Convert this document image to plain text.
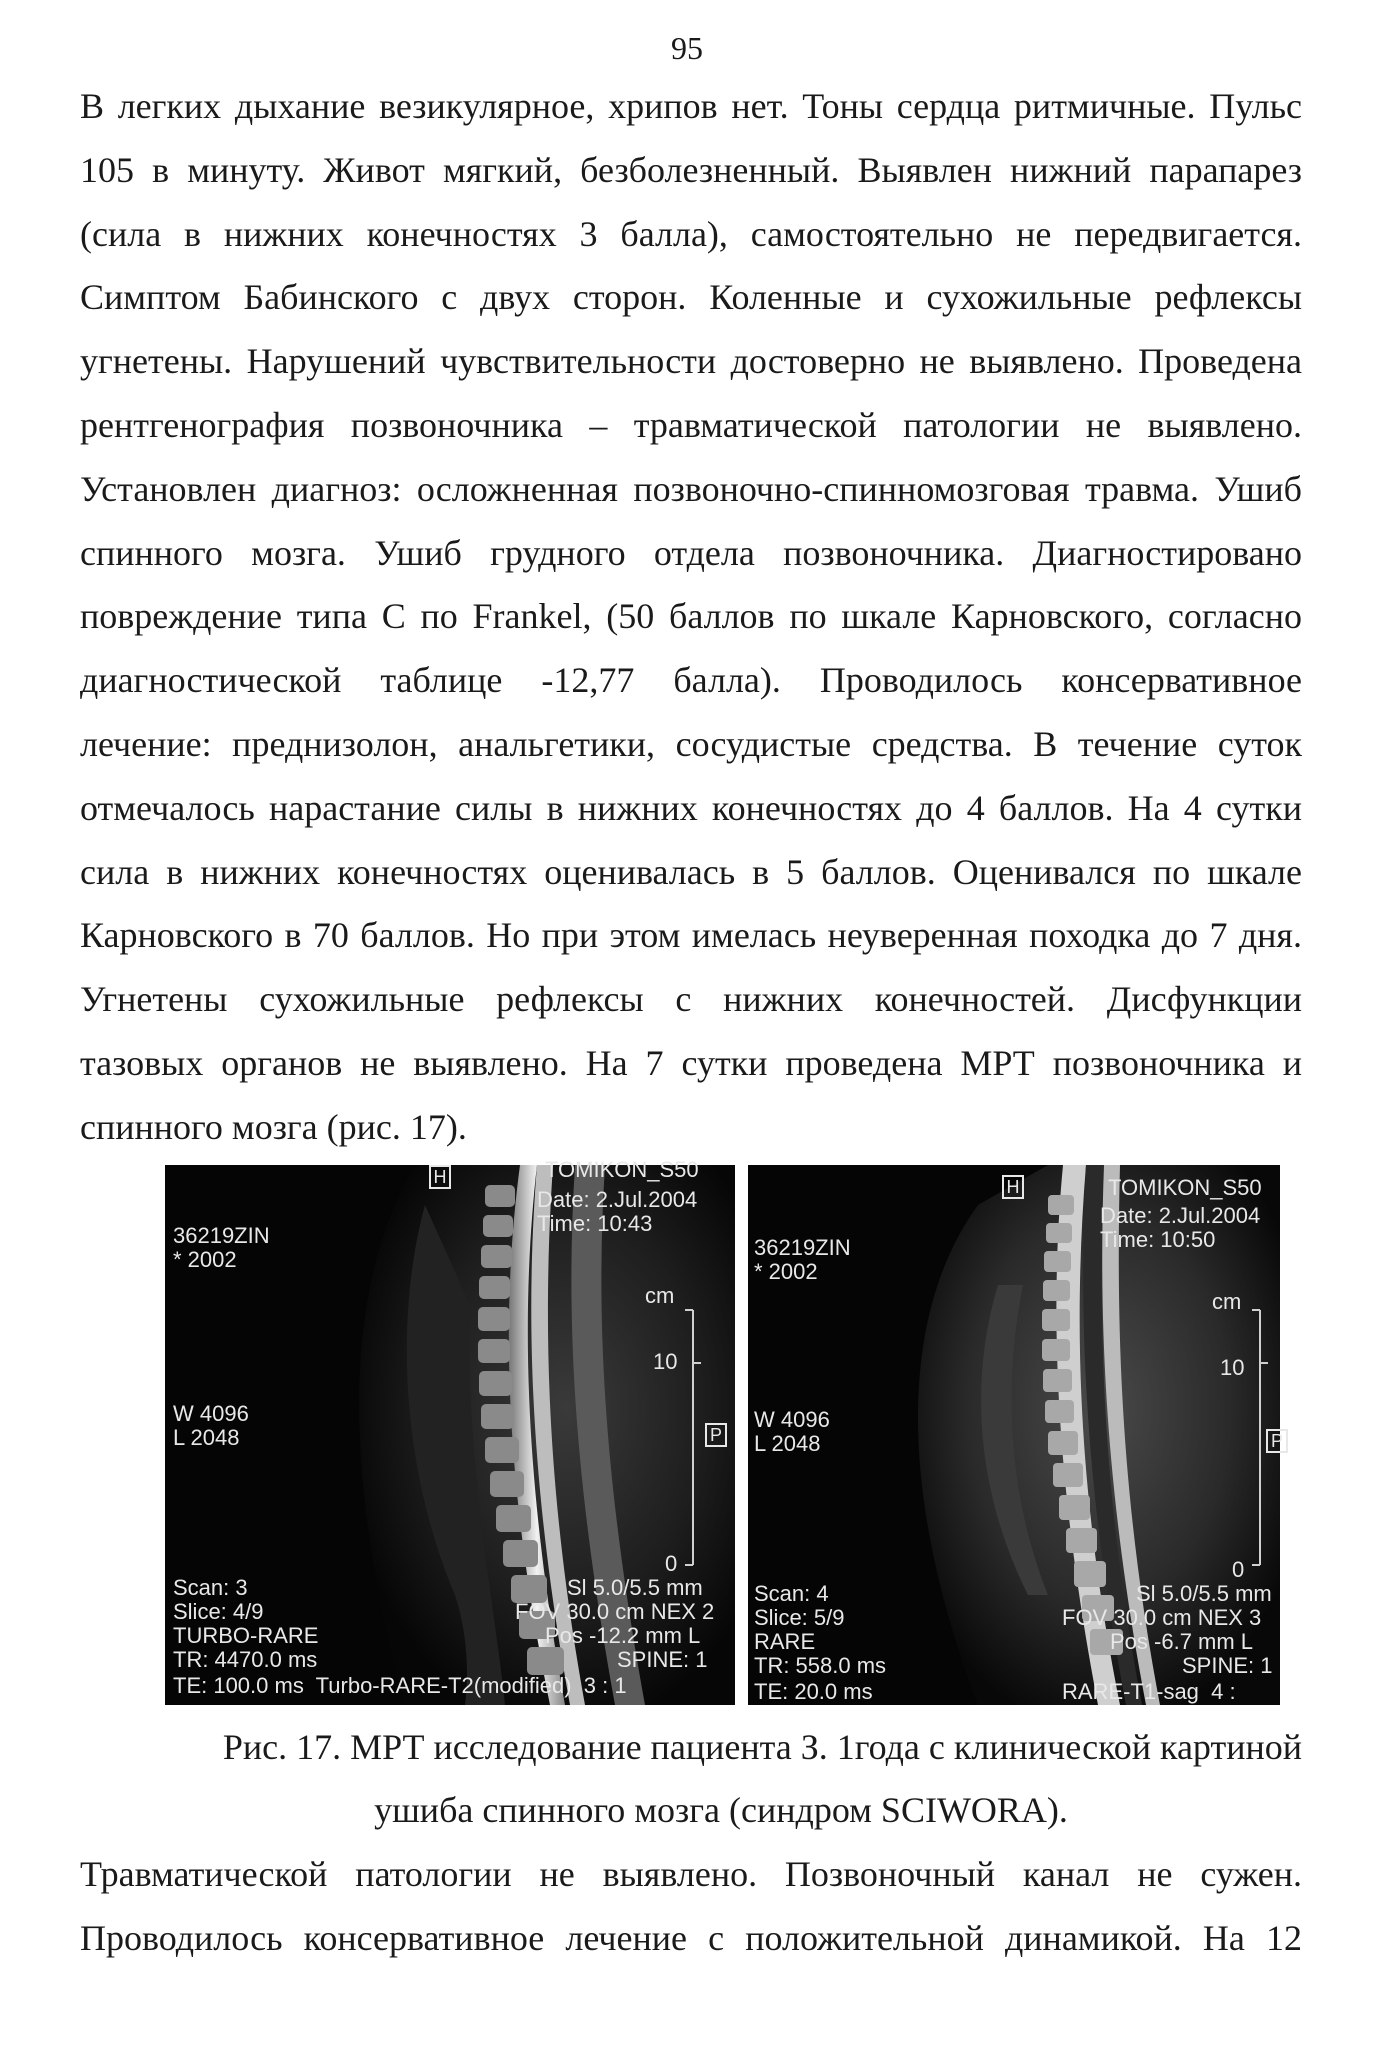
95
В легких дыхание везикулярное, хрипов нет. Тоны сердца ритмичные. Пульс
105 в минуту. Живот мягкий, безболезненный. Выявлен нижний парапарез
(сила в нижних конечностях 3 балла), самостоятельно не передвигается.
Симптом Бабинского с двух сторон. Коленные и сухожильные рефлексы
угнетены. Нарушений чувствительности достоверно не выявлено. Проведена
рентгенография позвоночника – травматической патологии не выявлено.
Установлен диагноз: осложненная позвоночно-спинномозговая травма. Ушиб
спинного мозга. Ушиб грудного отдела позвоночника. Диагностировано
повреждение типа С по Frankel, (50 баллов по шкале Карновского, согласно
диагностической таблице -12,77 балла). Проводилось консервативное
лечение: преднизолон, анальгетики, сосудистые средства. В течение суток
отмечалось нарастание силы в нижних конечностях до 4 баллов. На 4 сутки
сила в нижних конечностях оценивалась в 5 баллов. Оценивался по шкале
Карновского в 70 баллов. Но при этом имелась неуверенная походка до 7 дня.
Угнетены сухожильные рефлексы с нижних конечностей. Дисфункции
тазовых органов не выявлено. На 7 сутки проведена МРТ позвоночника и
спинного мозга (рис. 17).
H	TOMIKON_S50
Date: 2.Jul.2004
Time: 10:43
36219ZIN
* 2002
cm
10
W 4096
L 2048	P
0
Scan: 3
Slice: 4/9
TURBO-RARE
TR: 4470.0 ms
TE: 100.0 ms  Turbo-RARE-T2(modified)  3 : 1
Sl 5.0/5.5 mm
FOV 30.0 cm NEX 2
Pos -12.2 mm L
SPINE: 1
H	TOMIKON_S50
Date: 2.Jul.2004
Time: 10:50
36219ZIN
* 2002
cm
10
W 4096
L 2048	P
0
Scan: 4
Slice: 5/9
RARE
TR: 558.0 ms
TE: 20.0 ms	RARE-T1-sag  4 :
Sl 5.0/5.5 mm
FOV 30.0 cm NEX 3
Pos -6.7 mm L
SPINE: 1
Рис. 17. МРТ исследование пациента З. 1года с клинической картиной
ушиба спинного мозга (синдром SCIWORA).
Травматической патологии не выявлено. Позвоночный канал не сужен.
Проводилось консервативное лечение с положительной динамикой. На 12
